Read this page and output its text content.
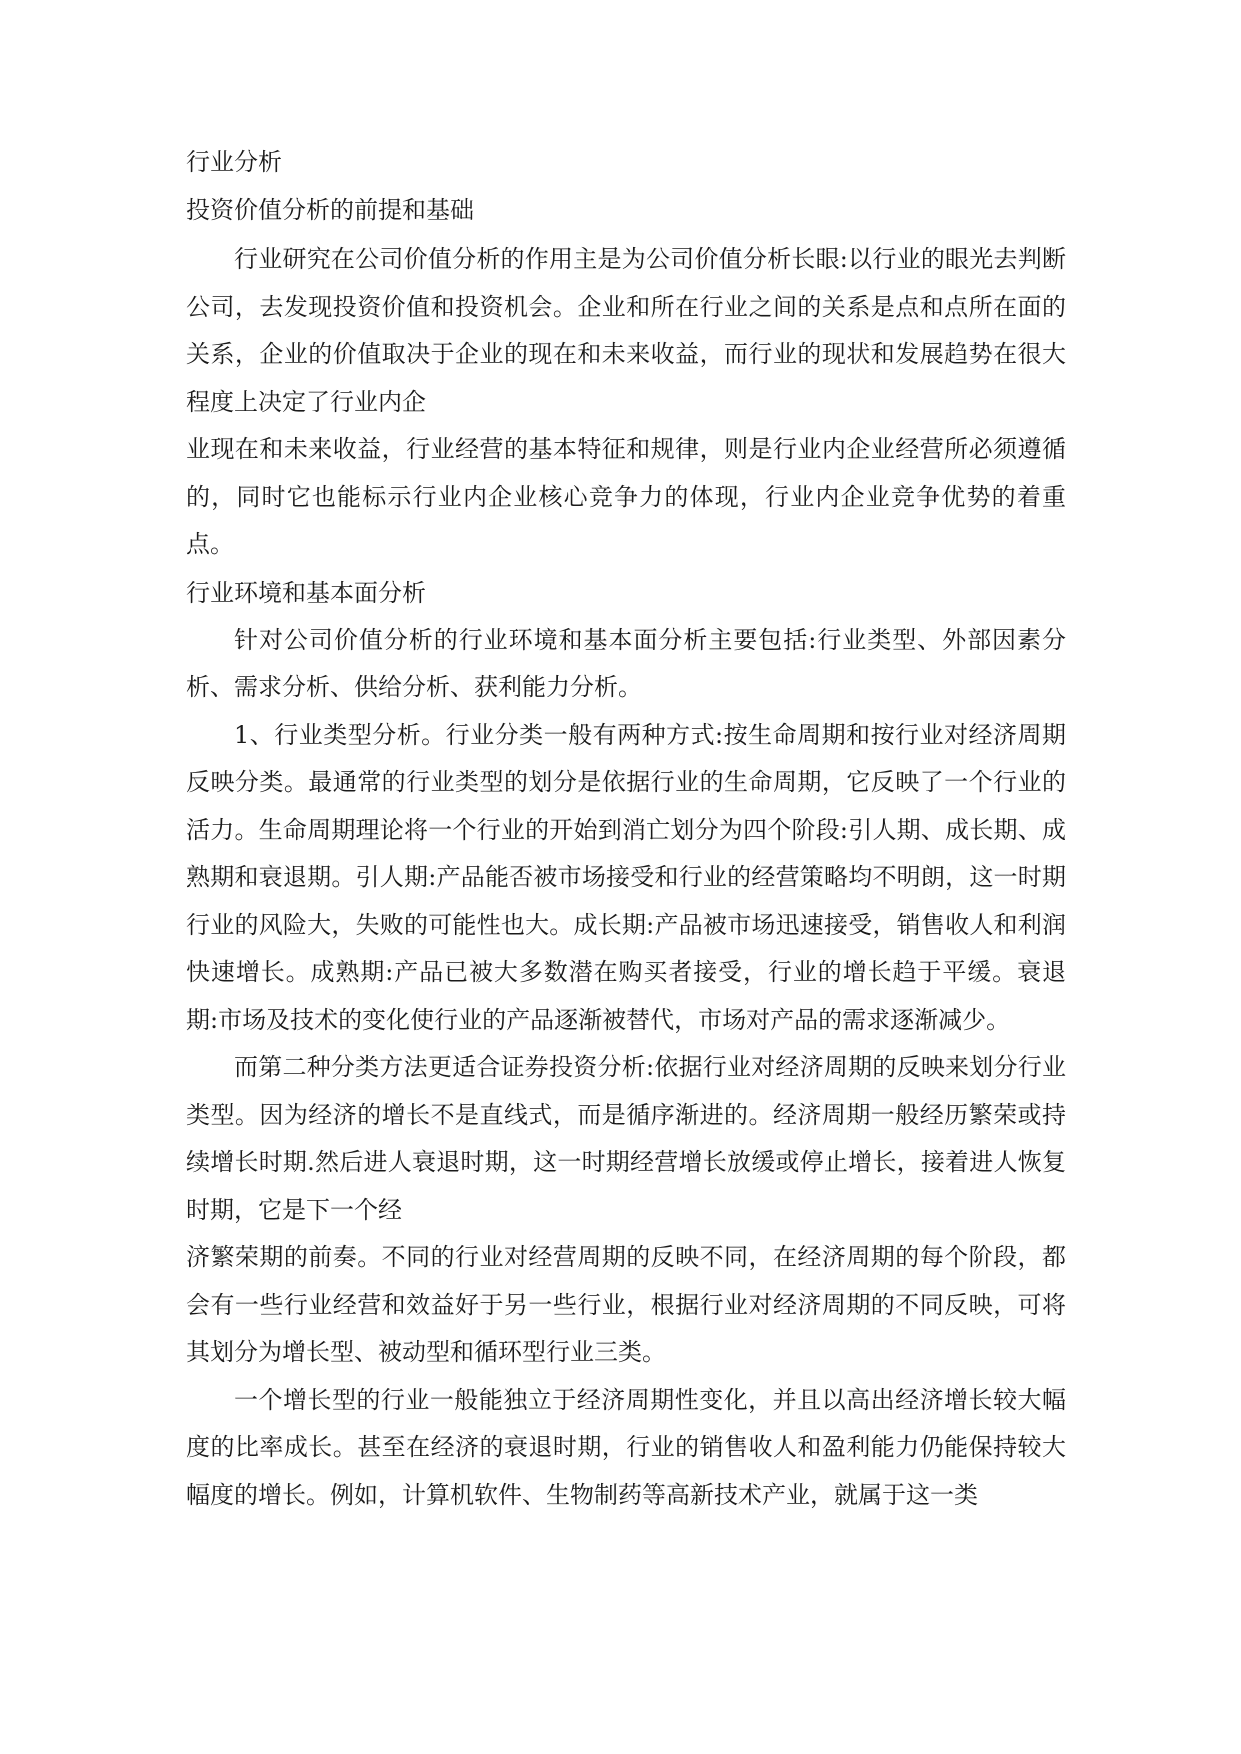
行业分析

投资价值分析的前提和基础

行业研究在公司价值分析的作用主是为公司价值分析长眼:以行业的眼光去判断公司，去发现投资价值和投资机会。企业和所在行业之间的关系是点和点所在面的关系，企业的价值取决于企业的现在和未来收益，而行业的现状和发展趋势在很大程度上决定了行业内企

业现在和未来收益，行业经营的基本特征和规律，则是行业内企业经营所必须遵循的，同时它也能标示行业内企业核心竞争力的体现，行业内企业竞争优势的着重点。

行业环境和基本面分析

针对公司价值分析的行业环境和基本面分析主要包括:行业类型、外部因素分析、需求分析、供给分析、获利能力分析。

1、行业类型分析。行业分类一般有两种方式:按生命周期和按行业对经济周期反映分类。最通常的行业类型的划分是依据行业的生命周期，它反映了一个行业的活力。生命周期理论将一个行业的开始到消亡划分为四个阶段:引人期、成长期、成熟期和衰退期。引人期:产品能否被市场接受和行业的经营策略均不明朗，这一时期行业的风险大，失败的可能性也大。成长期:产品被市场迅速接受，销售收人和利润快速增长。成熟期:产品已被大多数潜在购买者接受，行业的增长趋于平缓。衰退期:市场及技术的变化使行业的产品逐渐被替代，市场对产品的需求逐渐减少。

而第二种分类方法更适合证券投资分析:依据行业对经济周期的反映来划分行业类型。因为经济的增长不是直线式，而是循序渐进的。经济周期一般经历繁荣或持续增长时期.然后进人衰退时期，这一时期经营增长放缓或停止增长，接着进人恢复时期，它是下一个经

济繁荣期的前奏。不同的行业对经营周期的反映不同，在经济周期的每个阶段，都会有一些行业经营和效益好于另一些行业，根据行业对经济周期的不同反映，可将其划分为增长型、被动型和循环型行业三类。

一个增长型的行业一般能独立于经济周期性变化，并且以高出经济增长较大幅度的比率成长。甚至在经济的衰退时期，行业的销售收人和盈利能力仍能保持较大幅度的增长。例如，计算机软件、生物制药等高新技术产业，就属于这一类
